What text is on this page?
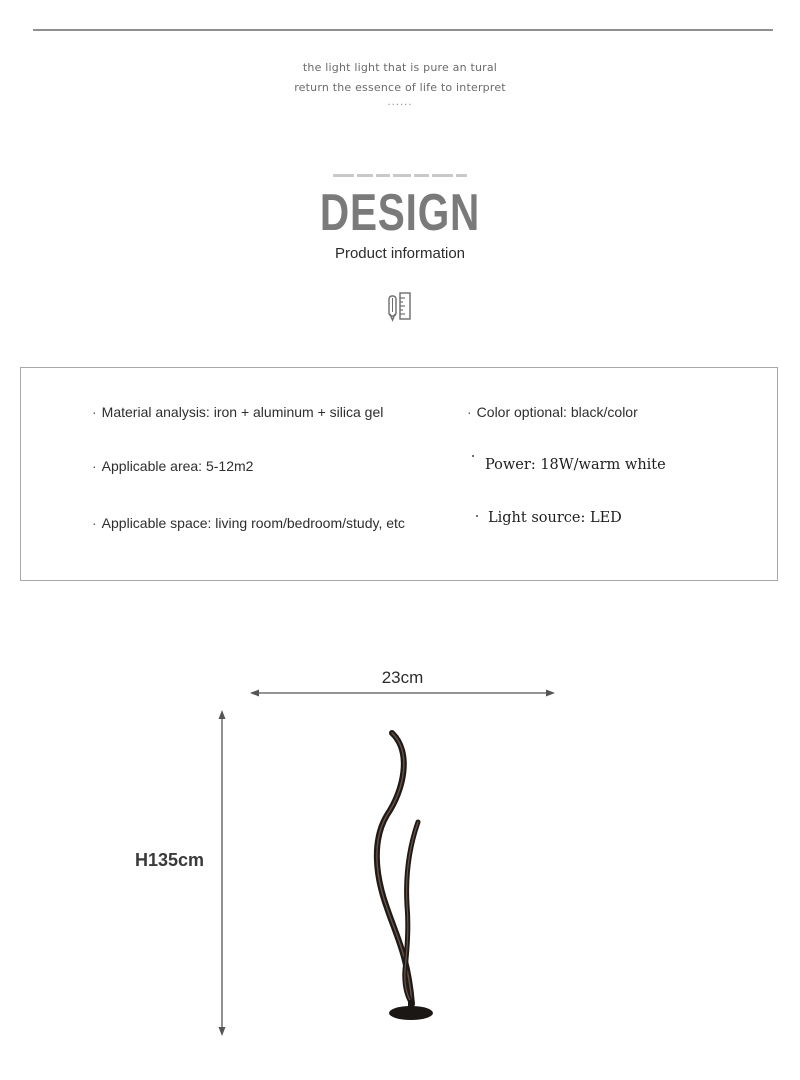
the light light that is pure an tural
return the essence of life to interpret
......
DESIGN
Product information
· Material analysis: iron + aluminum + silica gel	· Color optional: black/color
· Applicable area: 5-12m2	Power: 18W/warm white
· Applicable space: living room/bedroom/study, etc	Light source: LED
23cm
H135cm
